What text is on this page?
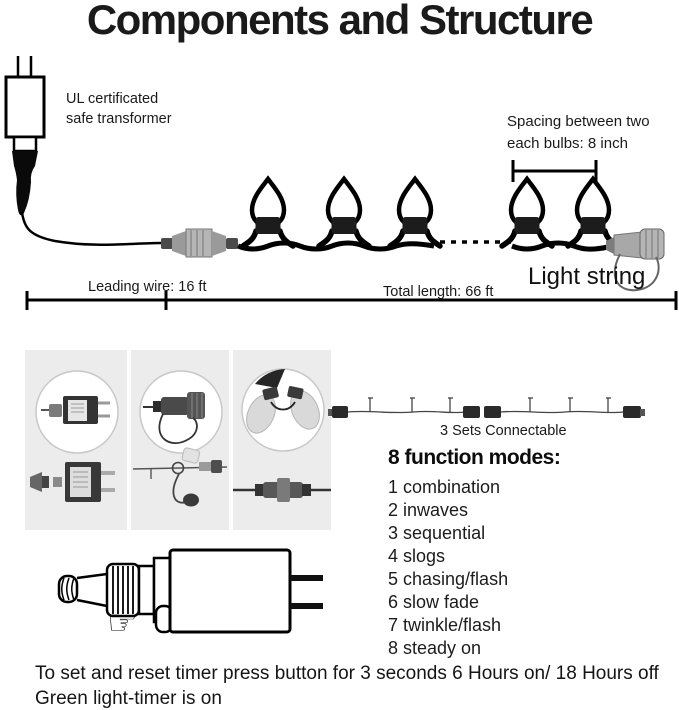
Components and Structure
UL certificated
safe transformer	Spacing between two
each bulbs: 8 inch
Light string
Leading wire: 16 ft	Total length: 66 ft
3 Sets Connectable
8 function modes:
1 combination
2 inwaves
3 sequential
4 slogs
5 chasing/flash
6 slow fade
7 twinkle/flash
8 steady on
☞
To set and reset timer press button for 3 seconds 6 Hours on/ 18 Hours off
Green light-timer is on
